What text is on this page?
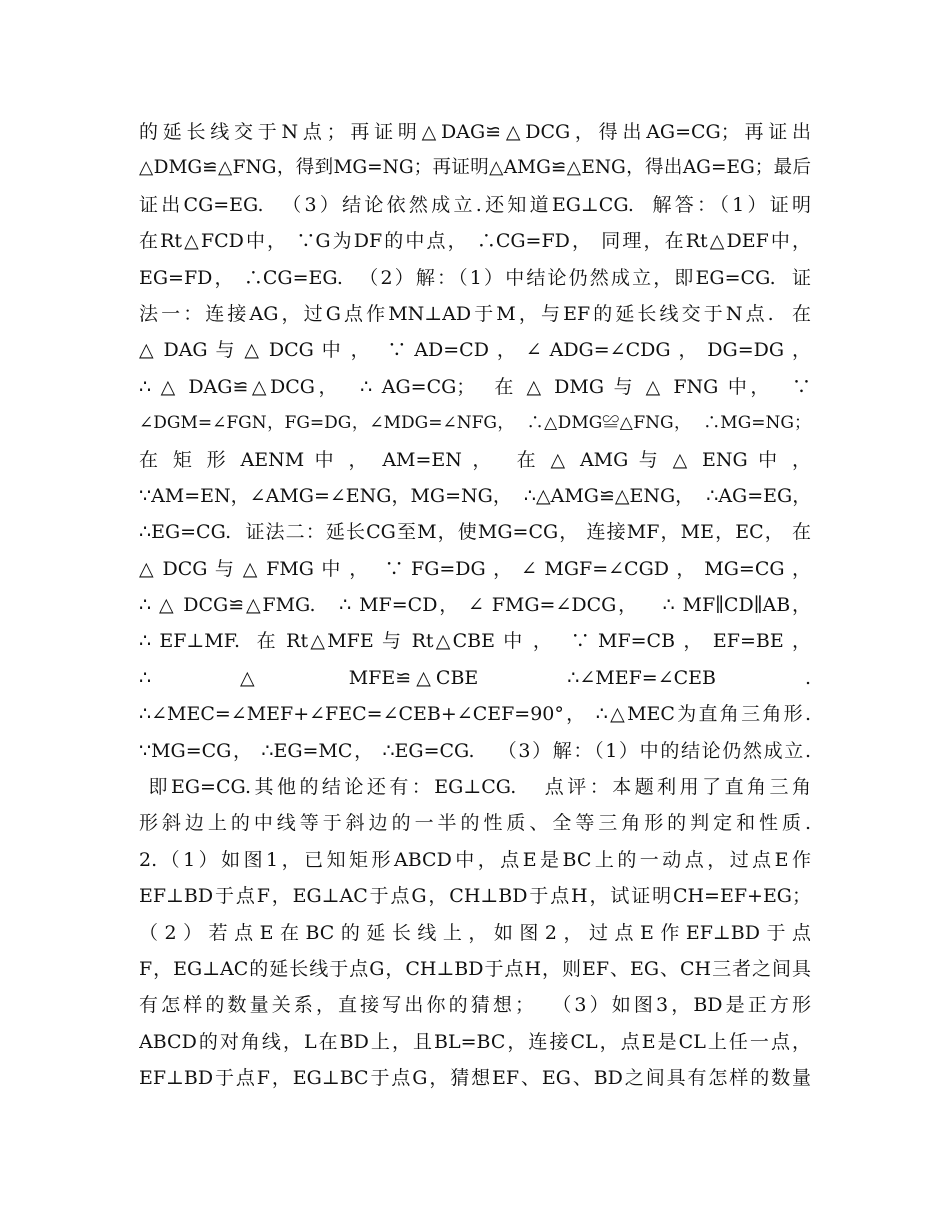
的延长线交于N点；再证明△DAG≌△DCG，得出AG=CG；再证出
△DMG≌△FNG，得到MG=NG；再证明△AMG≌△ENG，得出AG=EG；最后
证出CG=EG.  （3）结论依然成立.还知道EG⊥CG.  解答：（1）证明
在Rt△FCD中， ∵G为DF的中点， ∴CG=FD， 同理，在Rt△DEF中，
EG=FD， ∴CG=EG.  （2）解：（1）中结论仍然成立，即EG=CG.  证
法一：连接AG，过G点作MN⊥AD于M，与EF的延长线交于N点.  在
△ DAG 与 △ DCG 中 ，  ∵ AD=CD ， ∠ ADG=∠CDG ， DG=DG ，
∴ △ DAG≌△DCG，  ∴ AG=CG；  在 △ DMG 与 △ FNG 中，  ∵
∠DGM=∠FGN，FG=DG，∠MDG=∠NFG，  ∴△DMG≌△FNG，  ∴MG=NG；
在 矩 形 AENM 中 ， AM=EN ，  在 △ AMG 与 △ ENG 中 ，
∵AM=EN，∠AMG=∠ENG，MG=NG，  ∴△AMG≌△ENG，  ∴AG=EG，
∴EG=CG.  证法二：延长CG至M，使MG=CG， 连接MF，ME，EC， 在
△ DCG 与 △ FMG 中 ，  ∵ FG=DG ， ∠ MGF=∠CGD ， MG=CG ，
∴ △ DCG≌△FMG.   ∴ MF=CD， ∠ FMG=∠DCG，   ∴ MF∥CD∥AB，
∴ EF⊥MF.  在 Rt△MFE 与 Rt△CBE 中 ，  ∵ MF=CB ， EF=BE ，
∴        △        MFE≌△CBE        ∴∠MEF=∠CEB        .
∴∠MEC=∠MEF+∠FEC=∠CEB+∠CEF=90°， ∴△MEC为直角三角形.
∵MG=CG， ∴EG=MC， ∴EG=CG.   （3）解：（1）中的结论仍然成立.
即EG=CG.其他的结论还有：EG⊥CG.   点评：本题利用了直角三角
形斜边上的中线等于斜边的一半的性质、全等三角形的判定和性质.
2.（1）如图1，已知矩形ABCD中，点E是BC上的一动点，过点E作
EF⊥BD于点F，EG⊥AC于点G，CH⊥BD于点H，试证明CH=EF+EG；
（2）若点E在BC的延长线上，如图2，过点E作EF⊥BD于点
F，EG⊥AC的延长线于点G，CH⊥BD于点H，则EF、EG、CH三者之间具
有怎样的数量关系，直接写出你的猜想；  （3）如图3，BD是正方形
ABCD的对角线，L在BD上，且BL=BC，连接CL，点E是CL上任一点，
EF⊥BD于点F，EG⊥BC于点G，猜想EF、EG、BD之间具有怎样的数量
